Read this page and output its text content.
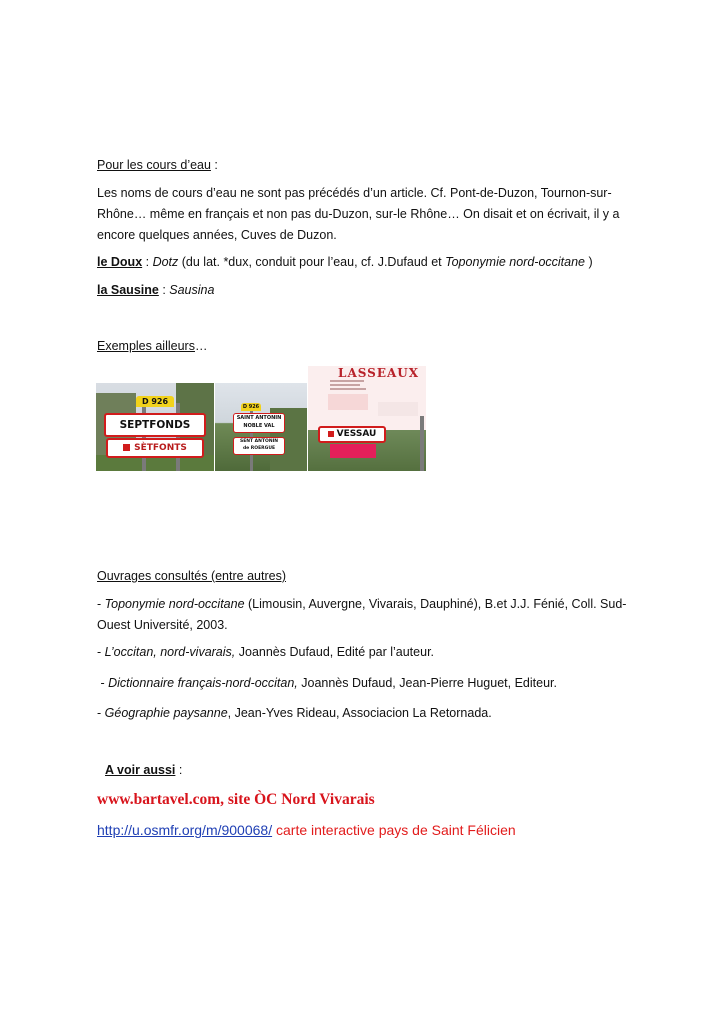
Pour les cours d’eau :
Les noms de cours d’eau ne sont pas précédés d’un article. Cf. Pont-de-Duzon, Tournon-sur-
Rhône… même en français et non pas du-Duzon, sur-le Rhône… On disait et on écrivait, il y a
encore quelques années, Cuves de Duzon.
le Doux : Dotz (du lat. *dux, conduit pour l’eau, cf. J.Dufaud et Toponymie nord-occitane )
la Sausine : Sausina
Exemples ailleurs…
D 926
SEPTFONDS
SÈTFONTS
D 926
SAINT ANTONIN
NOBLE VAL
SENT ANTONIN
de ROERGUE
LASSEAUX
VESSAU
Ouvrages consultés (entre autres)
- Toponymie nord-occitane (Limousin, Auvergne, Vivarais, Dauphiné), B.et J.J. Fénié, Coll. Sud-
Ouest Université, 2003.
- L’occitan, nord-vivarais, Joannès Dufaud, Edité par l’auteur.
- Dictionnaire français-nord-occitan, Joannès Dufaud, Jean-Pierre Huguet, Editeur.
- Géographie paysanne, Jean-Yves Rideau, Associacion La Retornada.
A voir aussi :
www.bartavel.com, site ÒC Nord Vivarais
http://u.osmfr.org/m/900068/ carte interactive pays de Saint Félicien
